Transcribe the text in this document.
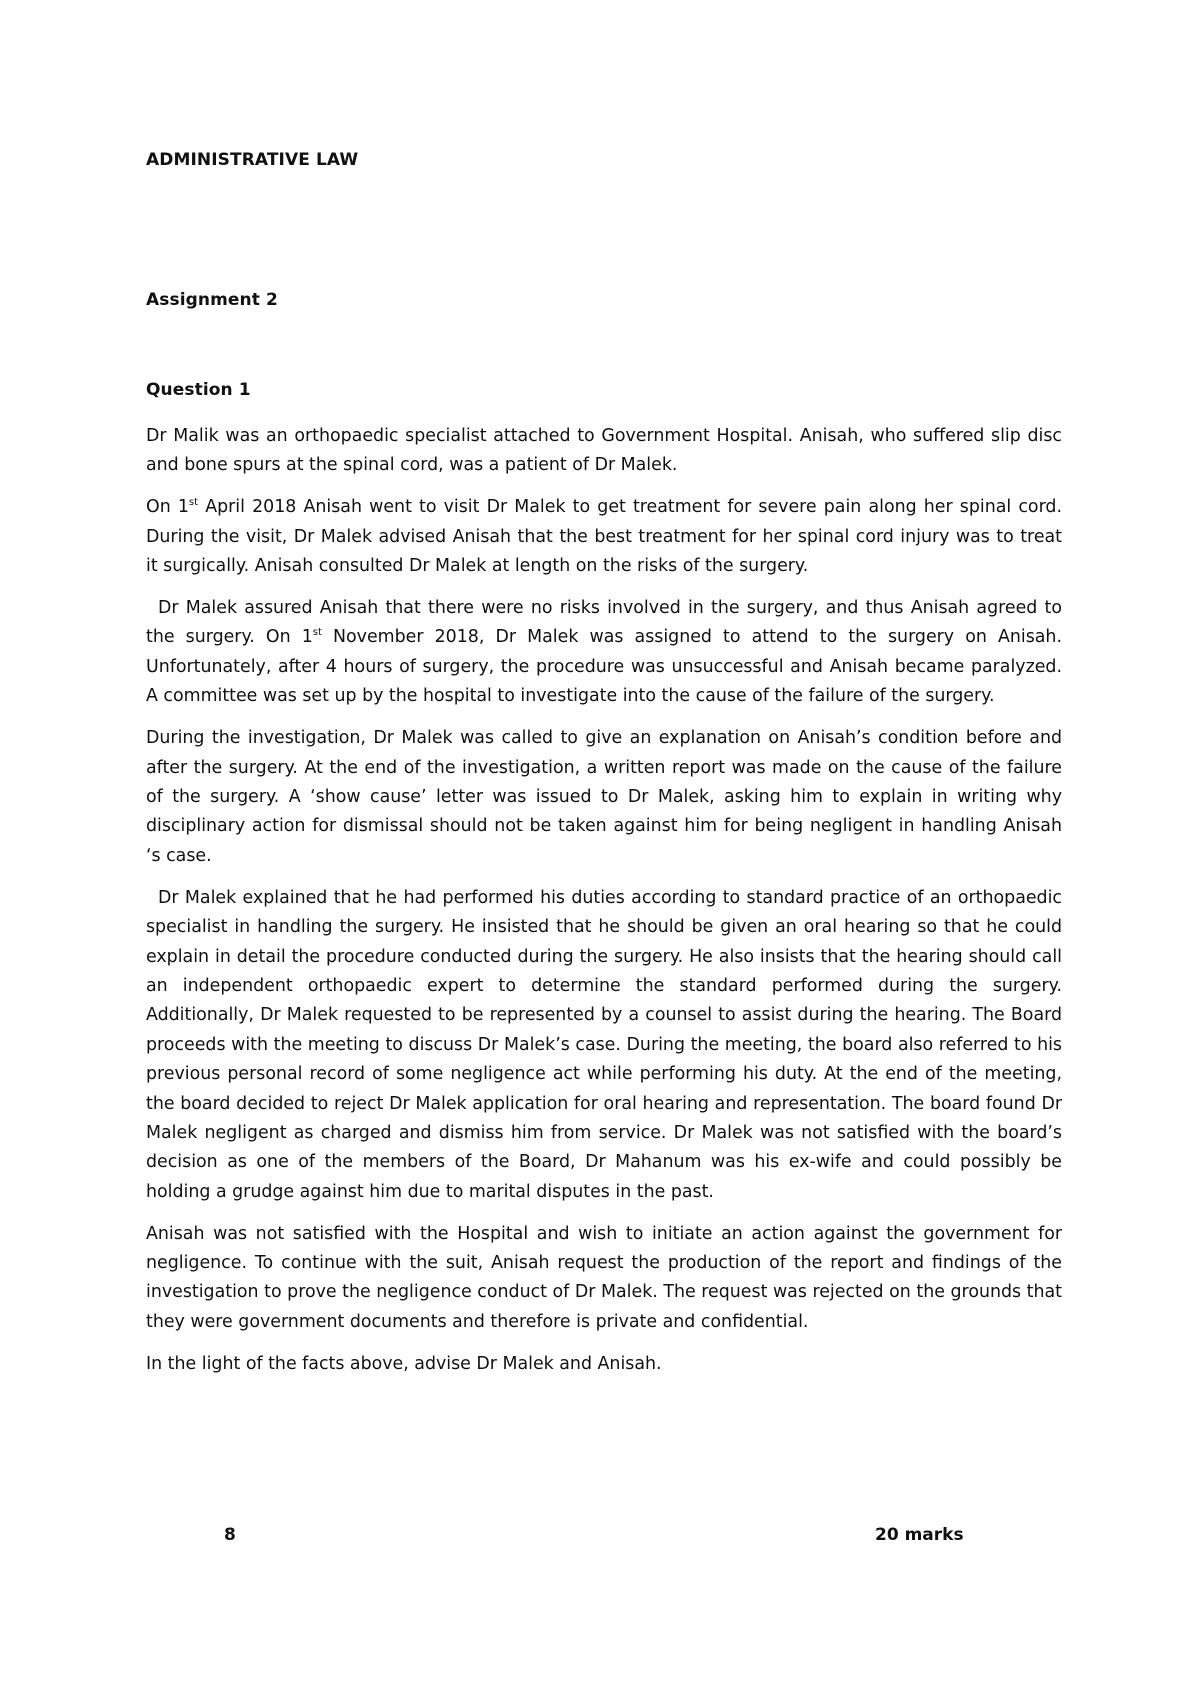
ADMINISTRATIVE LAW
Assignment 2
Question 1

Dr Malik was an orthopaedic specialist attached to Government Hospital. Anisah, who suffered slip disc and bone spurs at the spinal cord, was a patient of Dr Malek.

On 1st April 2018 Anisah went to visit Dr Malek to get treatment for severe pain along her spinal cord. During the visit, Dr Malek advised Anisah that the best treatment for her spinal cord injury was to treat it surgically. Anisah consulted Dr Malek at length on the risks of the surgery.

Dr Malek assured Anisah that there were no risks involved in the surgery, and thus Anisah agreed to the surgery. On 1st November 2018, Dr Malek was assigned to attend to the surgery on Anisah. Unfortunately, after 4 hours of surgery, the procedure was unsuccessful and Anisah became paralyzed. A committee was set up by the hospital to investigate into the cause of the failure of the surgery.

During the investigation, Dr Malek was called to give an explanation on Anisah’s condition before and after the surgery. At the end of the investigation, a written report was made on the cause of the failure of the surgery. A ‘show cause’ letter was issued to Dr Malek, asking him to explain in writing why disciplinary action for dismissal should not be taken against him for being negligent in handling Anisah ‘s case.

Dr Malek explained that he had performed his duties according to standard practice of an orthopaedic specialist in handling the surgery. He insisted that he should be given an oral hearing so that he could explain in detail the procedure conducted during the surgery. He also insists that the hearing should call an independent orthopaedic expert to determine the standard performed during the surgery. Additionally, Dr Malek requested to be represented by a counsel to assist during the hearing. The Board proceeds with the meeting to discuss Dr Malek’s case. During the meeting, the board also referred to his previous personal record of some negligence act while performing his duty. At the end of the meeting, the board decided to reject Dr Malek application for oral hearing and representation. The board found Dr Malek negligent as charged and dismiss him from service. Dr Malek was not satisfied with the board’s decision as one of the members of the Board, Dr Mahanum was his ex-wife and could possibly be holding a grudge against him due to marital disputes in the past.

Anisah was not satisfied with the Hospital and wish to initiate an action against the government for negligence. To continue with the suit, Anisah request the production of the report and findings of the investigation to prove the negligence conduct of Dr Malek. The request was rejected on the grounds that they were government documents and therefore is private and confidential.

In the light of the facts above, advise Dr Malek and Anisah.

8	20 marks
